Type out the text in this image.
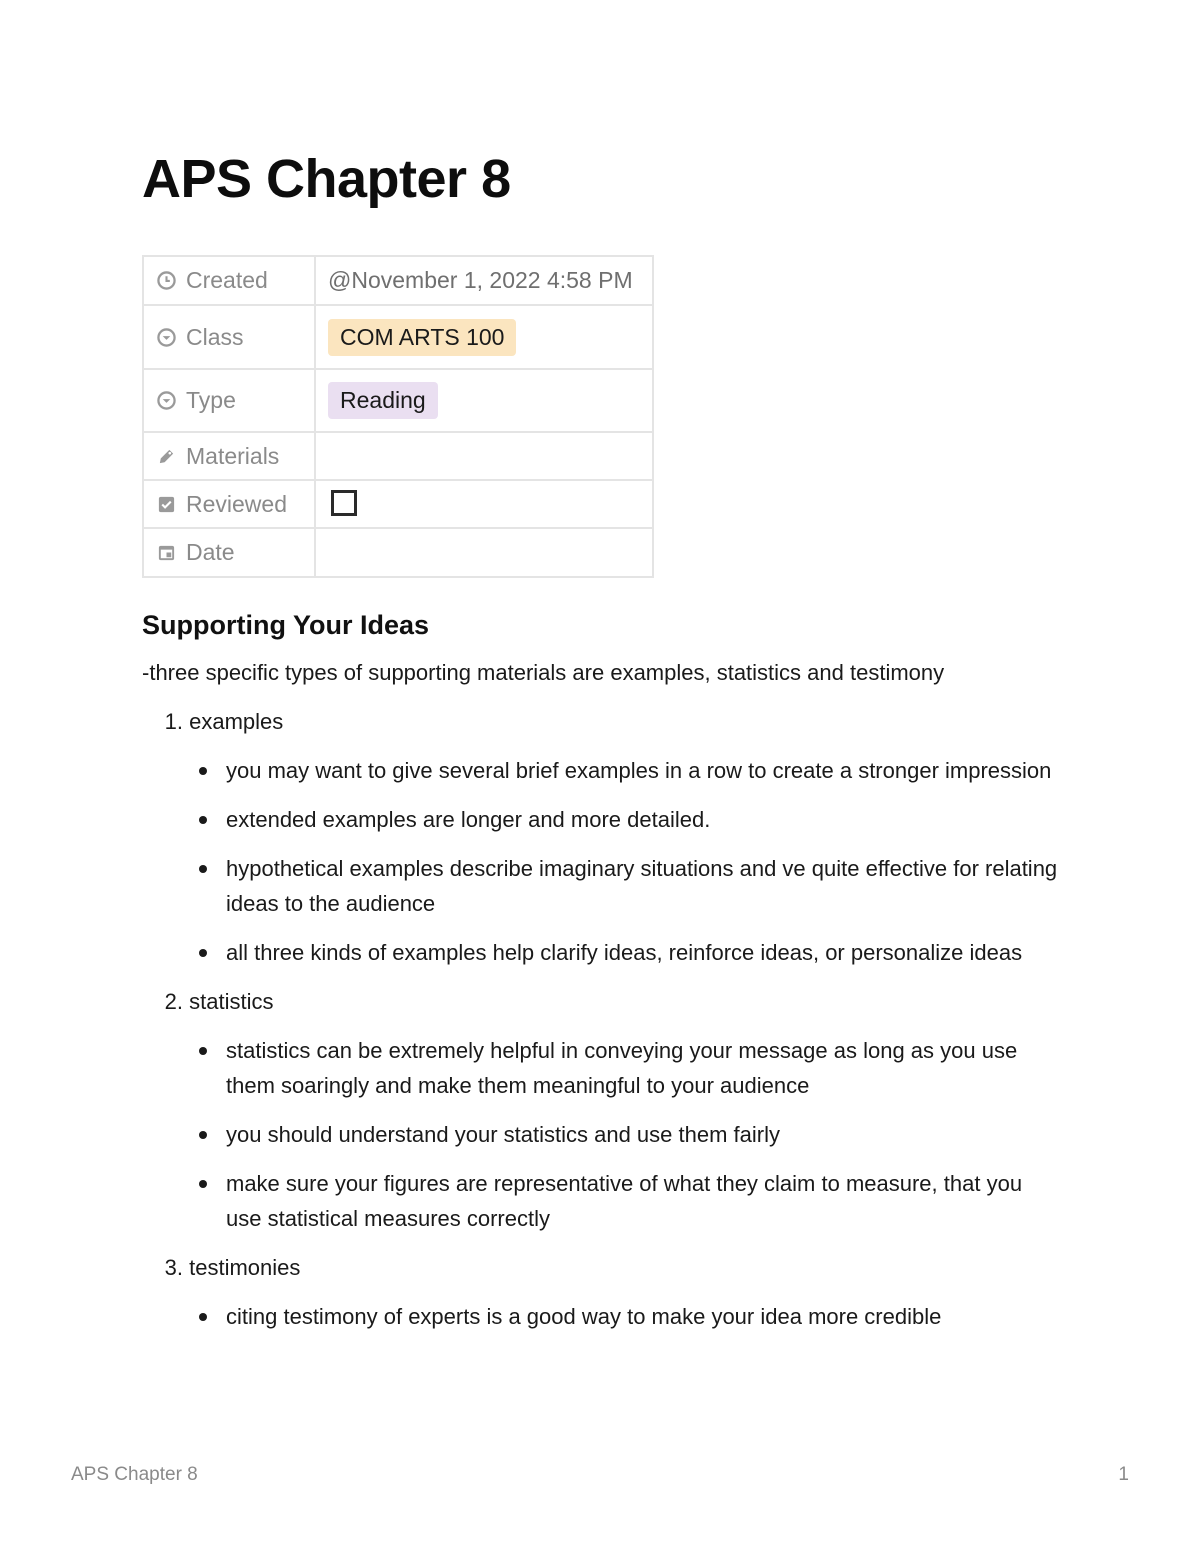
APS Chapter 8
Created	@November 1, 2022 4:58 PM

Class	COM ARTS 100

Type	Reading

Materials	

Reviewed	

Date	

Supporting Your Ideas

-three specific types of supporting materials are examples, statistics and testimony

1. examples
you may want to give several brief examples in a row to create a stronger impression
extended examples are longer and more detailed.
hypothetical examples describe imaginary situations and ve quite effective for relating ideas to the audience
all three kinds of examples help clarify ideas, reinforce ideas, or personalize ideas
2. statistics
statistics can be extremely helpful in conveying your message as long as you use them soaringly and make them meaningful to your audience
you should understand your statistics and use them fairly
make sure your figures are representative of what they claim to measure, that you use statistical measures correctly
3. testimonies
citing testimony of experts is a good way to make your idea more credible
APS Chapter 8	1
